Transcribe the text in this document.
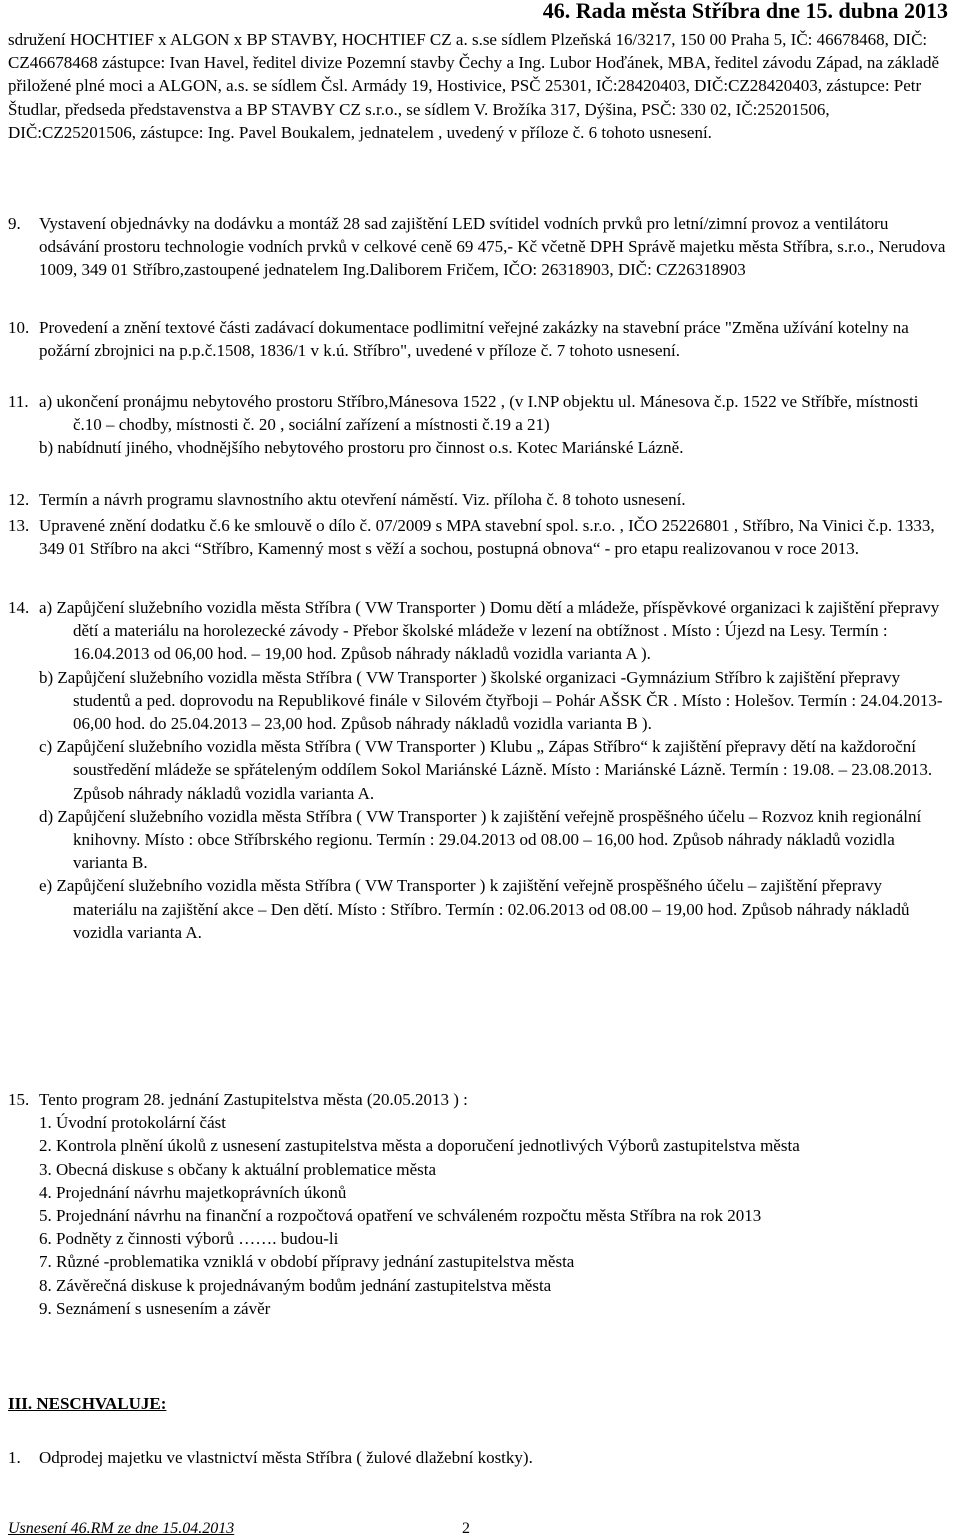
46. Rada města Stříbra dne 15. dubna 2013
sdružení HOCHTIEF x ALGON x BP STAVBY, HOCHTIEF CZ a. s.se sídlem Plzeňská 16/3217, 150 00 Praha 5, IČ: 46678468, DIČ: CZ46678468 zástupce: Ivan Havel, ředitel divize Pozemní stavby Čechy a Ing. Lubor Hoďánek, MBA, ředitel závodu Západ, na základě přiložené plné moci a ALGON, a.s. se sídlem Čsl. Armády 19, Hostivice, PSČ 25301, IČ:28420403, DIČ:CZ28420403, zástupce: Petr Študlar, předseda představenstva a BP STAVBY CZ s.r.o., se sídlem V. Brožíka 317, Dýšina, PSČ: 330 02, IČ:25201506, DIČ:CZ25201506, zástupce: Ing. Pavel Boukalem, jednatelem , uvedený v příloze č. 6 tohoto usnesení.
9. Vystavení objednávky na dodávku a montáž 28 sad zajištění LED svítidel vodních prvků pro letní/zimní provoz a ventilátoru odsávání prostoru technologie vodních prvků v celkové ceně 69 475,- Kč včetně DPH Správě majetku města Stříbra, s.r.o., Nerudova 1009, 349 01 Stříbro,zastoupené jednatelem Ing.Daliborem Fričem, IČO: 26318903, DIČ: CZ26318903
10. Provedení a znění textové části zadávací dokumentace podlimitní veřejné zakázky na stavební práce "Změna užívání kotelny na požární zbrojnici na p.p.č.1508, 1836/1 v k.ú. Stříbro", uvedené v příloze č. 7 tohoto usnesení.
11. a) ukončení pronájmu nebytového prostoru Stříbro,Mánesova 1522 , (v I.NP objektu ul. Mánesova č.p. 1522 ve Stříbře, místnosti č.10 – chodby, místnosti č. 20 , sociální zařízení a místnosti č.19 a 21)
b) nabídnutí jiného, vhodnějšího nebytového prostoru pro činnost o.s. Kotec Mariánské Lázně.
12. Termín a návrh programu slavnostního aktu otevření náměstí. Viz. příloha č. 8 tohoto usnesení.
13. Upravené znění dodatku č.6 ke smlouvě o dílo č. 07/2009 s MPA stavební spol. s.r.o. , IČO 25226801 , Stříbro, Na Vinici č.p. 1333, 349 01 Stříbro na akci “Stříbro, Kamenný most s věží a sochou, postupná obnova“ - pro etapu realizovanou v roce 2013.
14. a) Zapůjčení služebního vozidla města Stříbra ( VW Transporter ) Domu dětí a mládeže, příspěvkové organizaci k zajištění přepravy dětí a materiálu na horolezecké závody - Přebor školské mládeže v lezení na obtížnost . Místo : Újezd na Lesy. Termín : 16.04.2013 od 06,00 hod. – 19,00 hod. Způsob náhrady nákladů vozidla varianta A ).
b) Zapůjčení služebního vozidla města Stříbra ( VW Transporter ) školské organizaci -Gymnázium Stříbro k zajištění přepravy studentů a ped. doprovodu na Republikové finále v Silovém čtyřboji – Pohár AŠSK ČR . Místo : Holešov. Termín : 24.04.2013- 06,00 hod. do 25.04.2013 – 23,00 hod. Způsob náhrady nákladů vozidla varianta B ).
c) Zapůjčení služebního vozidla města Stříbra ( VW Transporter ) Klubu „ Zápas Stříbro“ k zajištění přepravy dětí na každoroční soustředění mládeže se spřáteleným oddílem Sokol Mariánské Lázně. Místo : Mariánské Lázně. Termín : 19.08. – 23.08.2013. Způsob náhrady nákladů vozidla varianta A.
d) Zapůjčení služebního vozidla města Stříbra ( VW Transporter ) k zajištění veřejně prospěšného účelu – Rozvoz knih regionální knihovny. Místo : obce Stříbrského regionu. Termín : 29.04.2013 od 08.00 – 16,00 hod. Způsob náhrady nákladů vozidla varianta B.
e) Zapůjčení služebního vozidla města Stříbra ( VW Transporter ) k zajištění veřejně prospěšného účelu – zajištění přepravy materiálu na zajištění akce – Den dětí. Místo : Stříbro. Termín : 02.06.2013 od 08.00 – 19,00 hod. Způsob náhrady nákladů vozidla varianta A.
15. Tento program 28. jednání Zastupitelstva města (20.05.2013 ) :
1. Úvodní protokolární část
2. Kontrola plnění úkolů z usnesení zastupitelstva města a doporučení jednotlivých Výborů zastupitelstva města
3. Obecná diskuse s občany k aktuální problematice města
4. Projednání návrhu majetkoprávních úkonů
5. Projednání návrhu na finanční a rozpočtová opatření ve schváleném rozpočtu města Stříbra na rok 2013
6. Podněty z činnosti výborů ……. budou-li
7. Různé -problematika vzniklá v období přípravy jednání zastupitelstva města
8. Závěrečná diskuse k projednávaným bodům jednání zastupitelstva města
9. Seznámení s usnesením a závěr
III. NESCHVALUJE:
1. Odprodej majetku ve vlastnictví města Stříbra ( žulové dlažební kostky).
Usnesení 46.RM ze dne 15.04.2013	2
